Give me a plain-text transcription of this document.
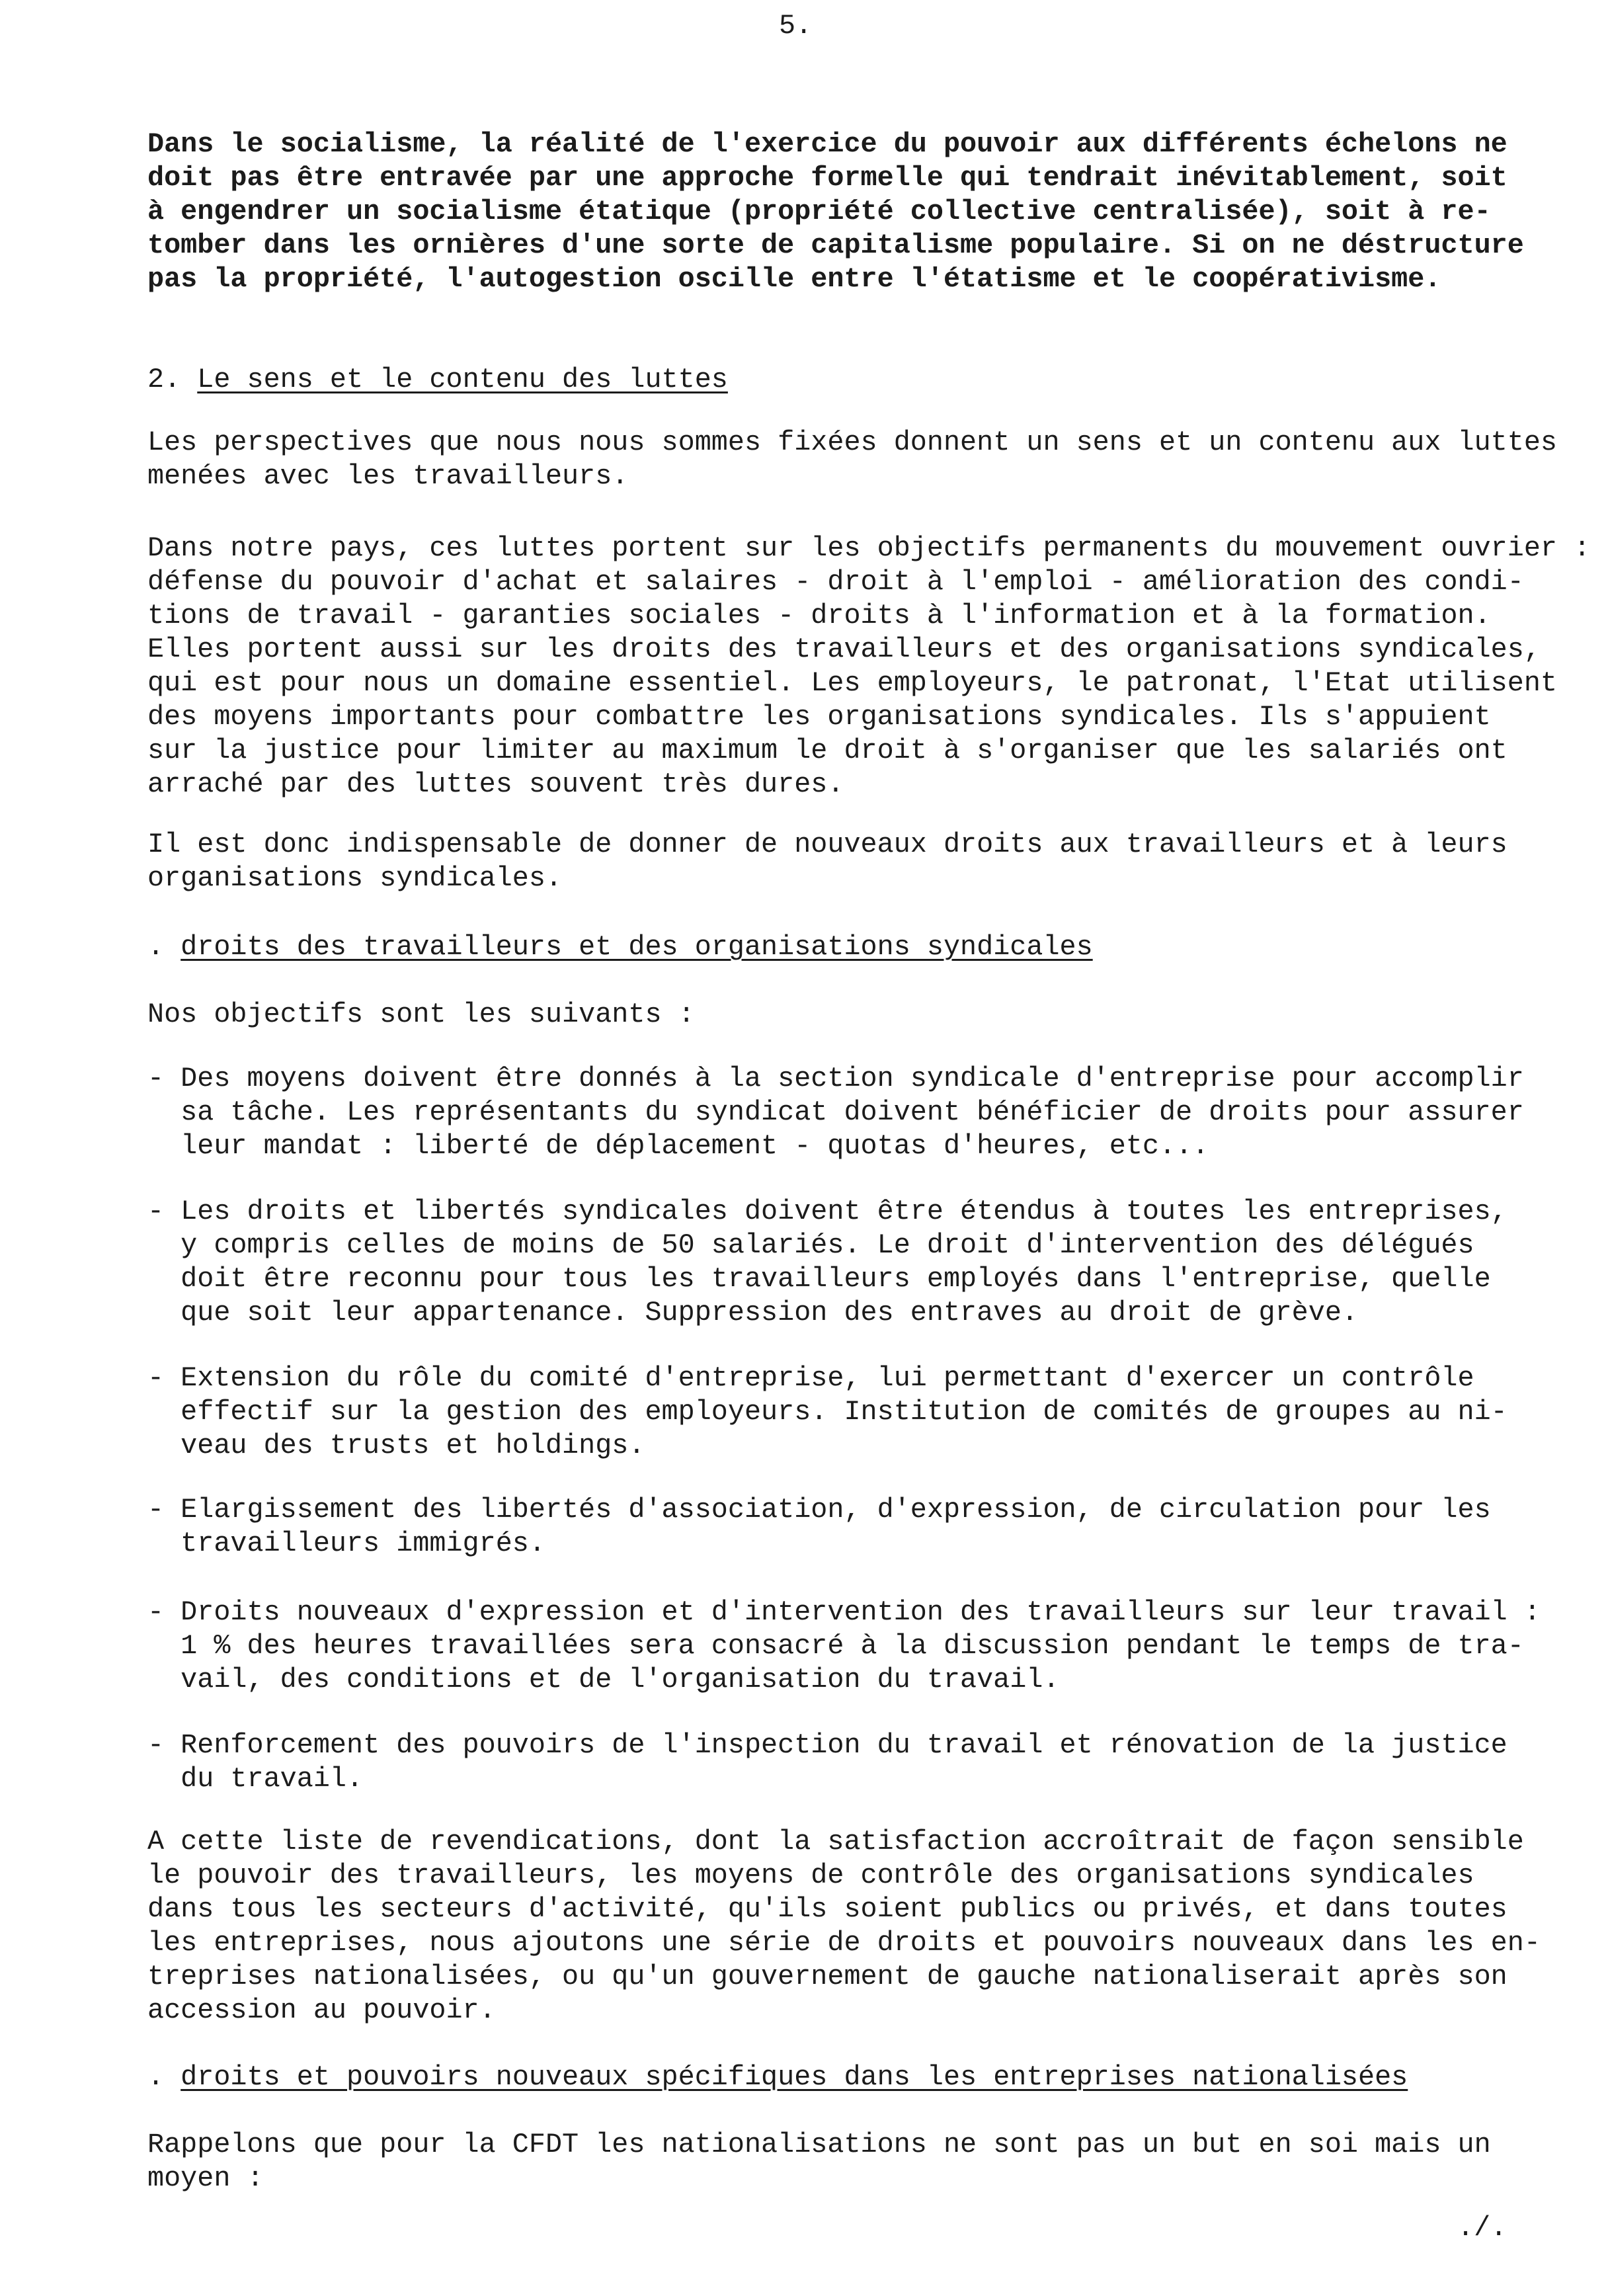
5.
Dans le socialisme, la réalité de l'exercice du pouvoir aux différents échelons ne
doit pas être entravée par une approche formelle qui tendrait inévitablement, soit
à engendrer un socialisme étatique (propriété collective centralisée), soit à re-
tomber dans les ornières d'une sorte de capitalisme populaire. Si on ne déstructure
pas la propriété, l'autogestion oscille entre l'étatisme et le coopérativisme.
2. Le sens et le contenu des luttes
Les perspectives que nous nous sommes fixées donnent un sens et un contenu aux luttes
menées avec les travailleurs.
Dans notre pays, ces luttes portent sur les objectifs permanents du mouvement ouvrier :
défense du pouvoir d'achat et salaires - droit à l'emploi - amélioration des condi-
tions de travail - garanties sociales - droits à l'information et à la formation.
Elles portent aussi sur les droits des travailleurs et des organisations syndicales,
qui est pour nous un domaine essentiel. Les employeurs, le patronat, l'Etat utilisent
des moyens importants pour combattre les organisations syndicales. Ils s'appuient
sur la justice pour limiter au maximum le droit à s'organiser que les salariés ont
arraché par des luttes souvent très dures.
Il est donc indispensable de donner de nouveaux droits aux travailleurs et à leurs
organisations syndicales.
. droits des travailleurs et des organisations syndicales
Nos objectifs sont les suivants :
- Des moyens doivent être donnés à la section syndicale d'entreprise pour accomplir
sa tâche. Les représentants du syndicat doivent bénéficier de droits pour assurer
leur mandat : liberté de déplacement - quotas d'heures, etc...
- Les droits et libertés syndicales doivent être étendus à toutes les entreprises,
y compris celles de moins de 50 salariés. Le droit d'intervention des délégués
doit être reconnu pour tous les travailleurs employés dans l'entreprise, quelle
que soit leur appartenance. Suppression des entraves au droit de grève.
- Extension du rôle du comité d'entreprise, lui permettant d'exercer un contrôle
effectif sur la gestion des employeurs. Institution de comités de groupes au ni-
veau des trusts et holdings.
- Elargissement des libertés d'association, d'expression, de circulation pour les
travailleurs immigrés.
- Droits nouveaux d'expression et d'intervention des travailleurs sur leur travail :
1 % des heures travaillées sera consacré à la discussion pendant le temps de tra-
vail, des conditions et de l'organisation du travail.
- Renforcement des pouvoirs de l'inspection du travail et rénovation de la justice
du travail.
A cette liste de revendications, dont la satisfaction accroîtrait de façon sensible
le pouvoir des travailleurs, les moyens de contrôle des organisations syndicales
dans tous les secteurs d'activité, qu'ils soient publics ou privés, et dans toutes
les entreprises, nous ajoutons une série de droits et pouvoirs nouveaux dans les en-
treprises nationalisées, ou qu'un gouvernement de gauche nationaliserait après son
accession au pouvoir.
. droits et pouvoirs nouveaux spécifiques dans les entreprises nationalisées
Rappelons que pour la CFDT les nationalisations ne sont pas un but en soi mais un
moyen :
./.
